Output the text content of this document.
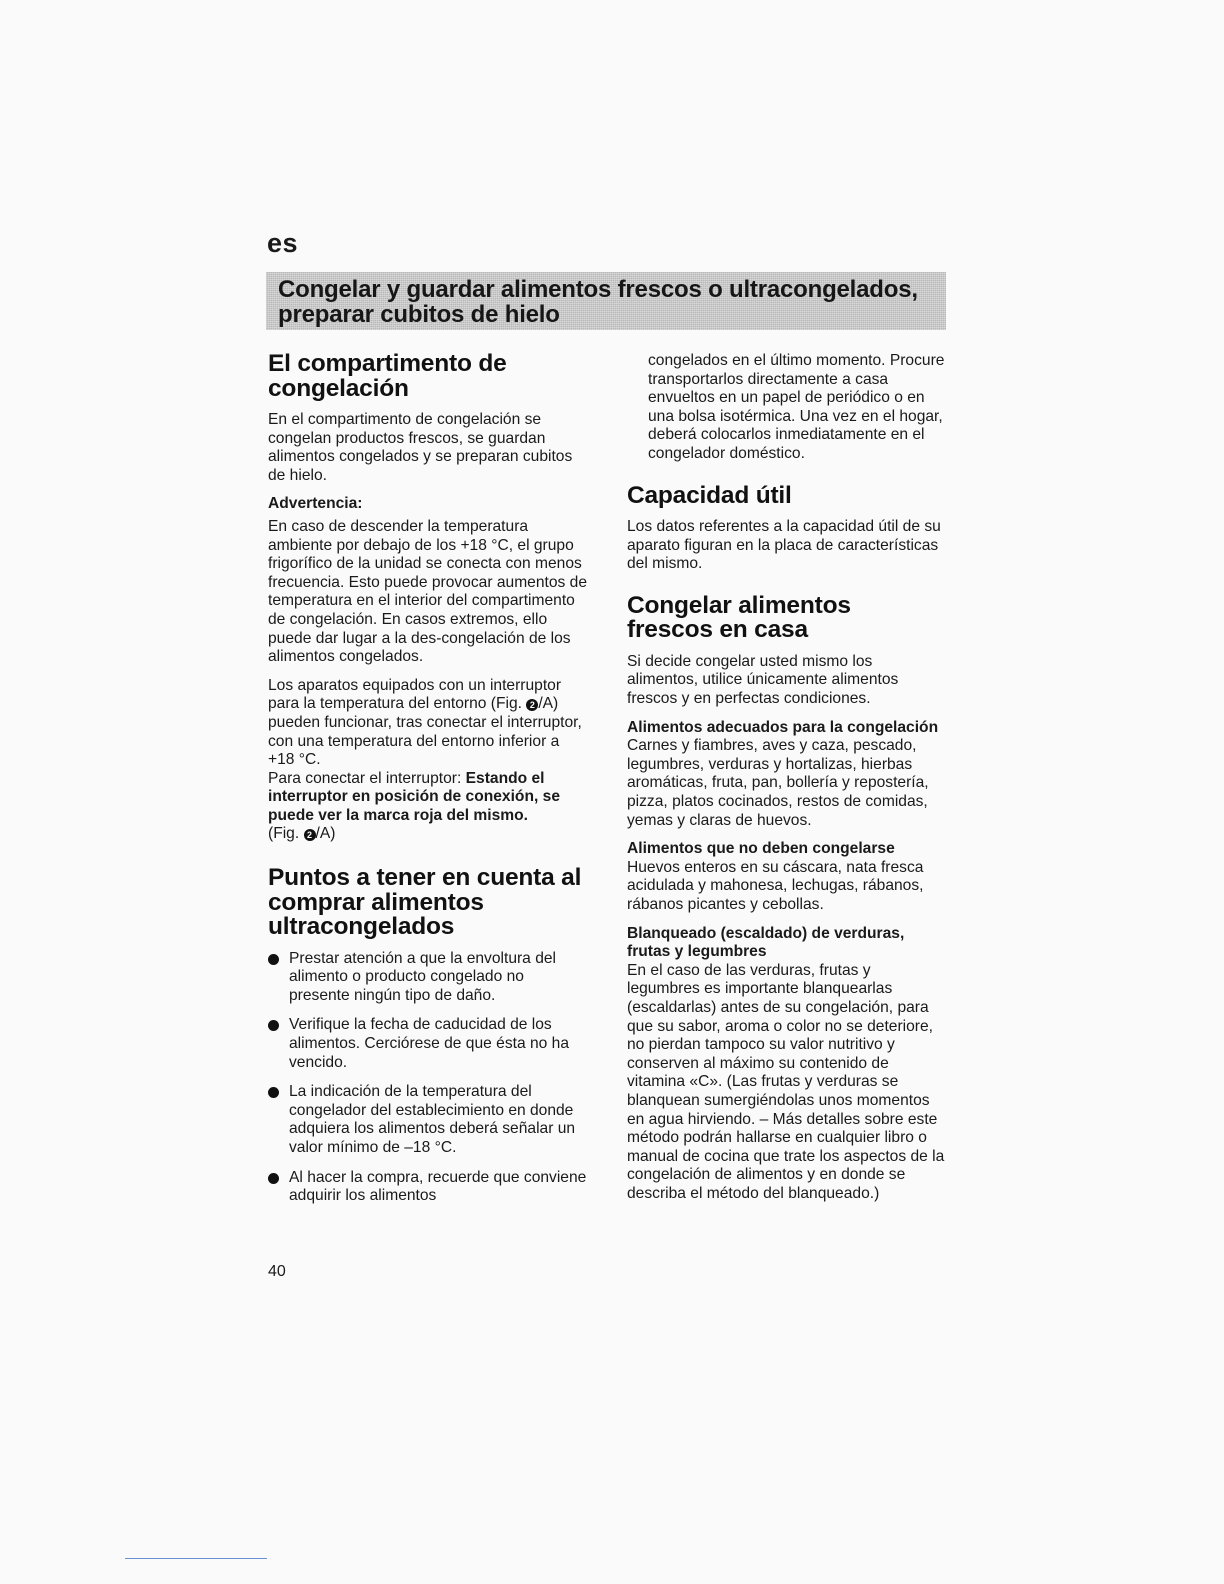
es
Congelar y guardar alimentos frescos o ultracongelados,
preparar cubitos de hielo
El compartimento de congelación

En el compartimento de congelación se congelan productos frescos, se guardan alimentos congelados y se preparan cubitos de hielo.

Advertencia:

En caso de descender la temperatura ambiente por debajo de los +18 °C, el grupo frigorífico de la unidad se conecta con menos frecuencia. Esto puede provocar aumentos de temperatura en el interior del compartimento de congelación. En casos extremos, ello puede dar lugar a la des-congelación de los alimentos congelados.

Los aparatos equipados con un interruptor para la temperatura del entorno (Fig. 2 /A) pueden funcionar, tras conectar el interruptor, con una temperatura del entorno inferior a +18 °C.

Para conectar el interruptor: Estando el interruptor en posición de conexión, se puede ver la marca roja del mismo.
(Fig. 2 /A)

Puntos a tener en cuenta al comprar alimentos ultracongelados
Prestar atención a que la envoltura del alimento o producto congelado no presente ningún tipo de daño.
Verifique la fecha de caducidad de los alimentos. Cerciórese de que ésta no ha vencido.
La indicación de la temperatura del congelador del establecimiento en donde adquiera los alimentos deberá señalar un valor mínimo de –18 °C.
Al hacer la compra, recuerde que conviene adquirir los alimentos

congelados en el último momento. Procure transportarlos directamente a casa envueltos en un papel de periódico o en una bolsa isotérmica. Una vez en el hogar, deberá colocarlos inmediatamente en el congelador doméstico.

Capacidad útil

Los datos referentes a la capacidad útil de su aparato figuran en la placa de características del mismo.

Congelar alimentos frescos en casa

Si decide congelar usted mismo los alimentos, utilice únicamente alimentos frescos y en perfectas condiciones.

Alimentos adecuados para la congelación
Carnes y fiambres, aves y caza, pescado, legumbres, verduras y hortalizas, hierbas aromáticas, fruta, pan, bollería y repostería, pizza, platos cocinados, restos de comidas, yemas y claras de huevos.

Alimentos que no deben congelarse
Huevos enteros en su cáscara, nata fresca acidulada y mahonesa, lechugas, rábanos, rábanos picantes y cebollas.

Blanqueado (escaldado) de verduras, frutas y legumbres
En el caso de las verduras, frutas y legumbres es importante blanquearlas (escaldarlas) antes de su congelación, para que su sabor, aroma o color no se deteriore, no pierdan tampoco su valor nutritivo y conserven al máximo su contenido de vitamina «C». (Las frutas y verduras se blanquean sumergiéndolas unos momentos en agua hirviendo. – Más detalles sobre este método podrán hallarse en cualquier libro o manual de cocina que trate los aspectos de la congelación de alimentos y en donde se describa el método del blanqueado.)

40
